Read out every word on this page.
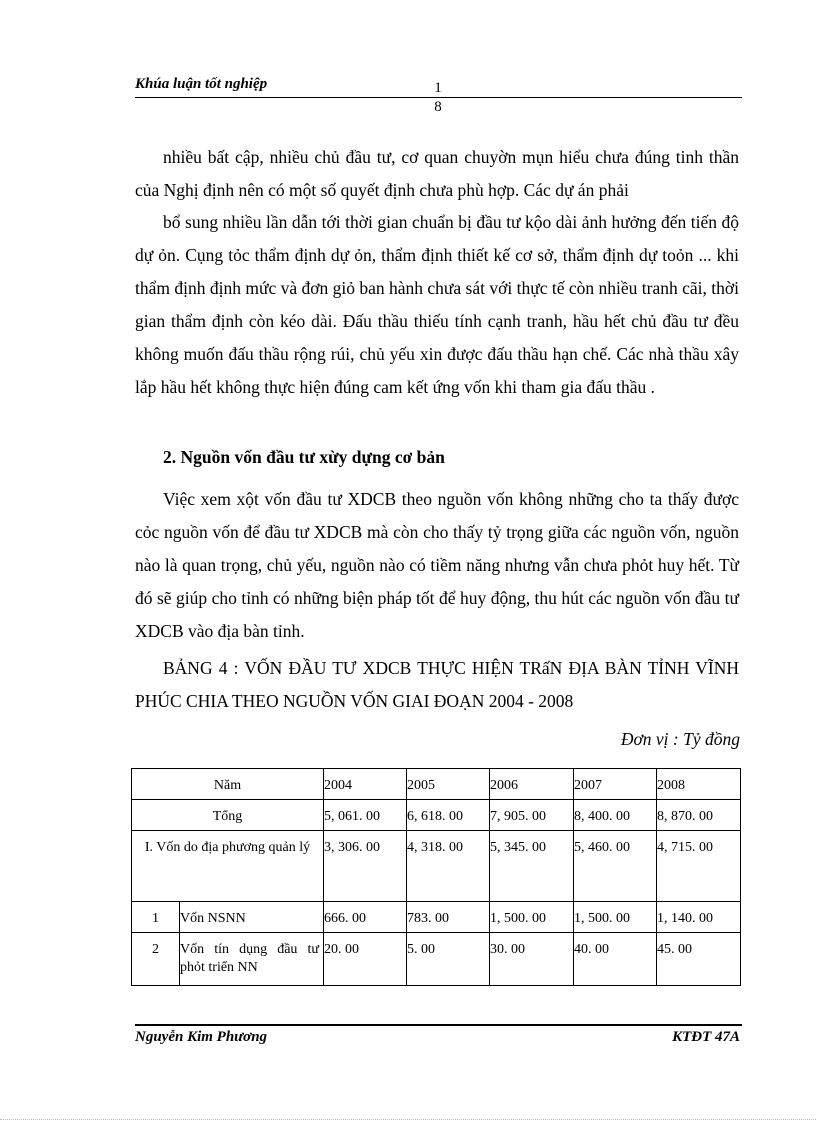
Khúa luận tốt nghiệp	1
8
nhiều bất cập, nhiều chủ đầu tư, cơ quan chuyờn mụn hiểu chưa đúng tinh thần của Nghị định nên có một số quyết định chưa phù hợp. Các dự án phải
bổ sung nhiều lần dẫn tới thời gian chuẩn bị đầu tư kộo dài ảnh hưởng đến tiến độ dự ỏn. Cụng tỏc thẩm định dự ỏn, thẩm định thiết kế cơ sở, thẩm định dự toỏn ... khi thẩm định định mức và đơn giỏ ban hành chưa sát với thực tế còn nhiều tranh cãi, thời gian thẩm định còn kéo dài. Đấu thầu thiếu tính cạnh tranh, hầu hết chủ đầu tư đều không muốn đấu thầu rộng rúi, chủ yếu xin được đấu thầu hạn chế. Các nhà thầu xây lắp hầu hết không thực hiện đúng cam kết ứng vốn khi tham gia đấu thầu .
2. Nguồn vốn đầu tư xừy dựng cơ bản
Việc xem xột vốn đầu tư XDCB theo nguồn vốn không những cho ta thấy được cỏc nguồn vốn để đầu tư XDCB mà còn cho thấy tỷ trọng giữa các nguồn vốn, nguồn nào là quan trọng, chủ yếu, nguồn nào có tiềm năng nhưng vẫn chưa phỏt huy hết. Từ đó sẽ giúp cho tỉnh có những biện pháp tốt để huy động, thu hút các nguồn vốn đầu tư XDCB vào địa bàn tỉnh.
BẢNG 4 : VỐN ĐẦU TƯ XDCB THỰC HIỆN TRấN ĐỊA BÀN TỈNH VĨNH PHÚC CHIA THEO NGUỒN VỐN GIAI ĐOẠN 2004 - 2008
Đơn vị : Tỷ đồng
Năm		2004	2005	2006	2007	2008

Tổng		5, 061. 00	6, 618. 00	7, 905. 00	8, 400. 00	8, 870. 00

I. Vốn do địa phương quản lý		3, 306. 00	4, 318. 00	5, 345. 00	5, 460. 00	4, 715. 00

1	Vốn NSNN	666. 00	783. 00	1, 500. 00	1, 500. 00	1, 140. 00

2	Vốn tín dụng đầu tư phỏt triển NN	20. 00	5. 00	30. 00	40. 00	45. 00
Nguyễn Kim Phương	KTĐT 47A
